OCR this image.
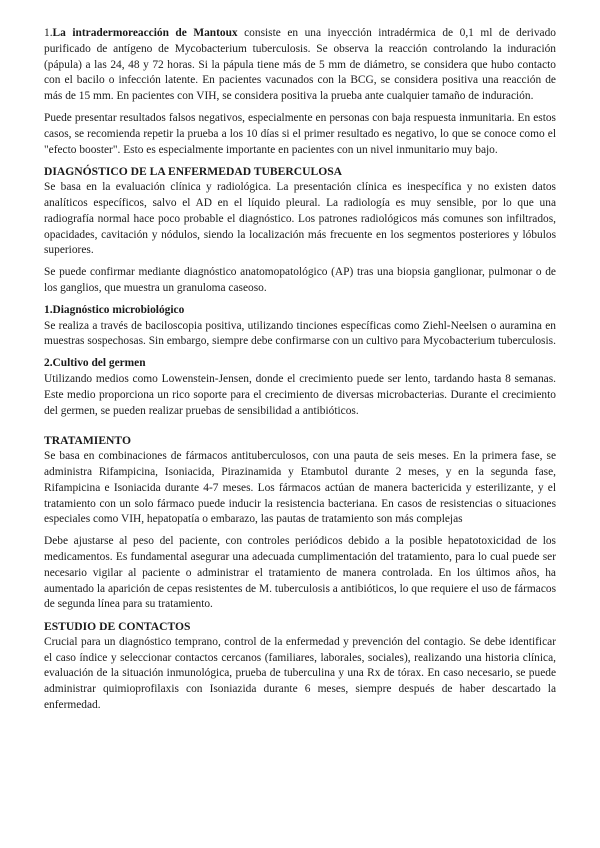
1.La intradermoreacción de Mantoux consiste en una inyección intradérmica de 0,1 ml de derivado purificado de antígeno de Mycobacterium tuberculosis. Se observa la reacción controlando la induración (pápula) a las 24, 48 y 72 horas. Si la pápula tiene más de 5 mm de diámetro, se considera que hubo contacto con el bacilo o infección latente. En pacientes vacunados con la BCG, se considera positiva una reacción de más de 15 mm. En pacientes con VIH, se considera positiva la prueba ante cualquier tamaño de induración.

Puede presentar resultados falsos negativos, especialmente en personas con baja respuesta inmunitaria. En estos casos, se recomienda repetir la prueba a los 10 días si el primer resultado es negativo, lo que se conoce como el "efecto booster". Esto es especialmente importante en pacientes con un nivel inmunitario muy bajo.

DIAGNÓSTICO DE LA ENFERMEDAD TUBERCULOSA

Se basa en la evaluación clínica y radiológica. La presentación clínica es inespecífica y no existen datos analíticos específicos, salvo el AD en el líquido pleural. La radiología es muy sensible, por lo que una radiografía normal hace poco probable el diagnóstico. Los patrones radiológicos más comunes son infiltrados, opacidades, cavitación y nódulos, siendo la localización más frecuente en los segmentos posteriores y lóbulos superiores.

Se puede confirmar mediante diagnóstico anatomopatológico (AP) tras una biopsia ganglionar, pulmonar o de los ganglios, que muestra un granuloma caseoso.

1.Diagnóstico microbiológico

Se realiza a través de baciloscopia positiva, utilizando tinciones específicas como Ziehl-Neelsen o auramina en muestras sospechosas. Sin embargo, siempre debe confirmarse con un cultivo para Mycobacterium tuberculosis.

2.Cultivo del germen

Utilizando medios como Lowenstein-Jensen, donde el crecimiento puede ser lento, tardando hasta 8 semanas. Este medio proporciona un rico soporte para el crecimiento de diversas microbacterias. Durante el crecimiento del germen, se pueden realizar pruebas de sensibilidad a antibióticos.

TRATAMIENTO

Se basa en combinaciones de fármacos antituberculosos, con una pauta de seis meses. En la primera fase, se administra Rifampicina, Isoniacida, Pirazinamida y Etambutol durante 2 meses, y en la segunda fase, Rifampicina e Isoniacida durante 4-7 meses. Los fármacos actúan de manera bactericida y esterilizante, y el tratamiento con un solo fármaco puede inducir la resistencia bacteriana. En casos de resistencias o situaciones especiales como VIH, hepatopatía o embarazo, las pautas de tratamiento son más complejas

Debe ajustarse al peso del paciente, con controles periódicos debido a la posible hepatotoxicidad de los medicamentos. Es fundamental asegurar una adecuada cumplimentación del tratamiento, para lo cual puede ser necesario vigilar al paciente o administrar el tratamiento de manera controlada. En los últimos años, ha aumentado la aparición de cepas resistentes de M. tuberculosis a antibióticos, lo que requiere el uso de fármacos de segunda línea para su tratamiento.

ESTUDIO DE CONTACTOS

Crucial para un diagnóstico temprano, control de la enfermedad y prevención del contagio. Se debe identificar el caso índice y seleccionar contactos cercanos (familiares, laborales, sociales), realizando una historia clínica, evaluación de la situación inmunológica, prueba de tuberculina y una Rx de tórax. En caso necesario, se puede administrar quimioprofilaxis con Isoniazida durante 6 meses, siempre después de haber descartado la enfermedad.
